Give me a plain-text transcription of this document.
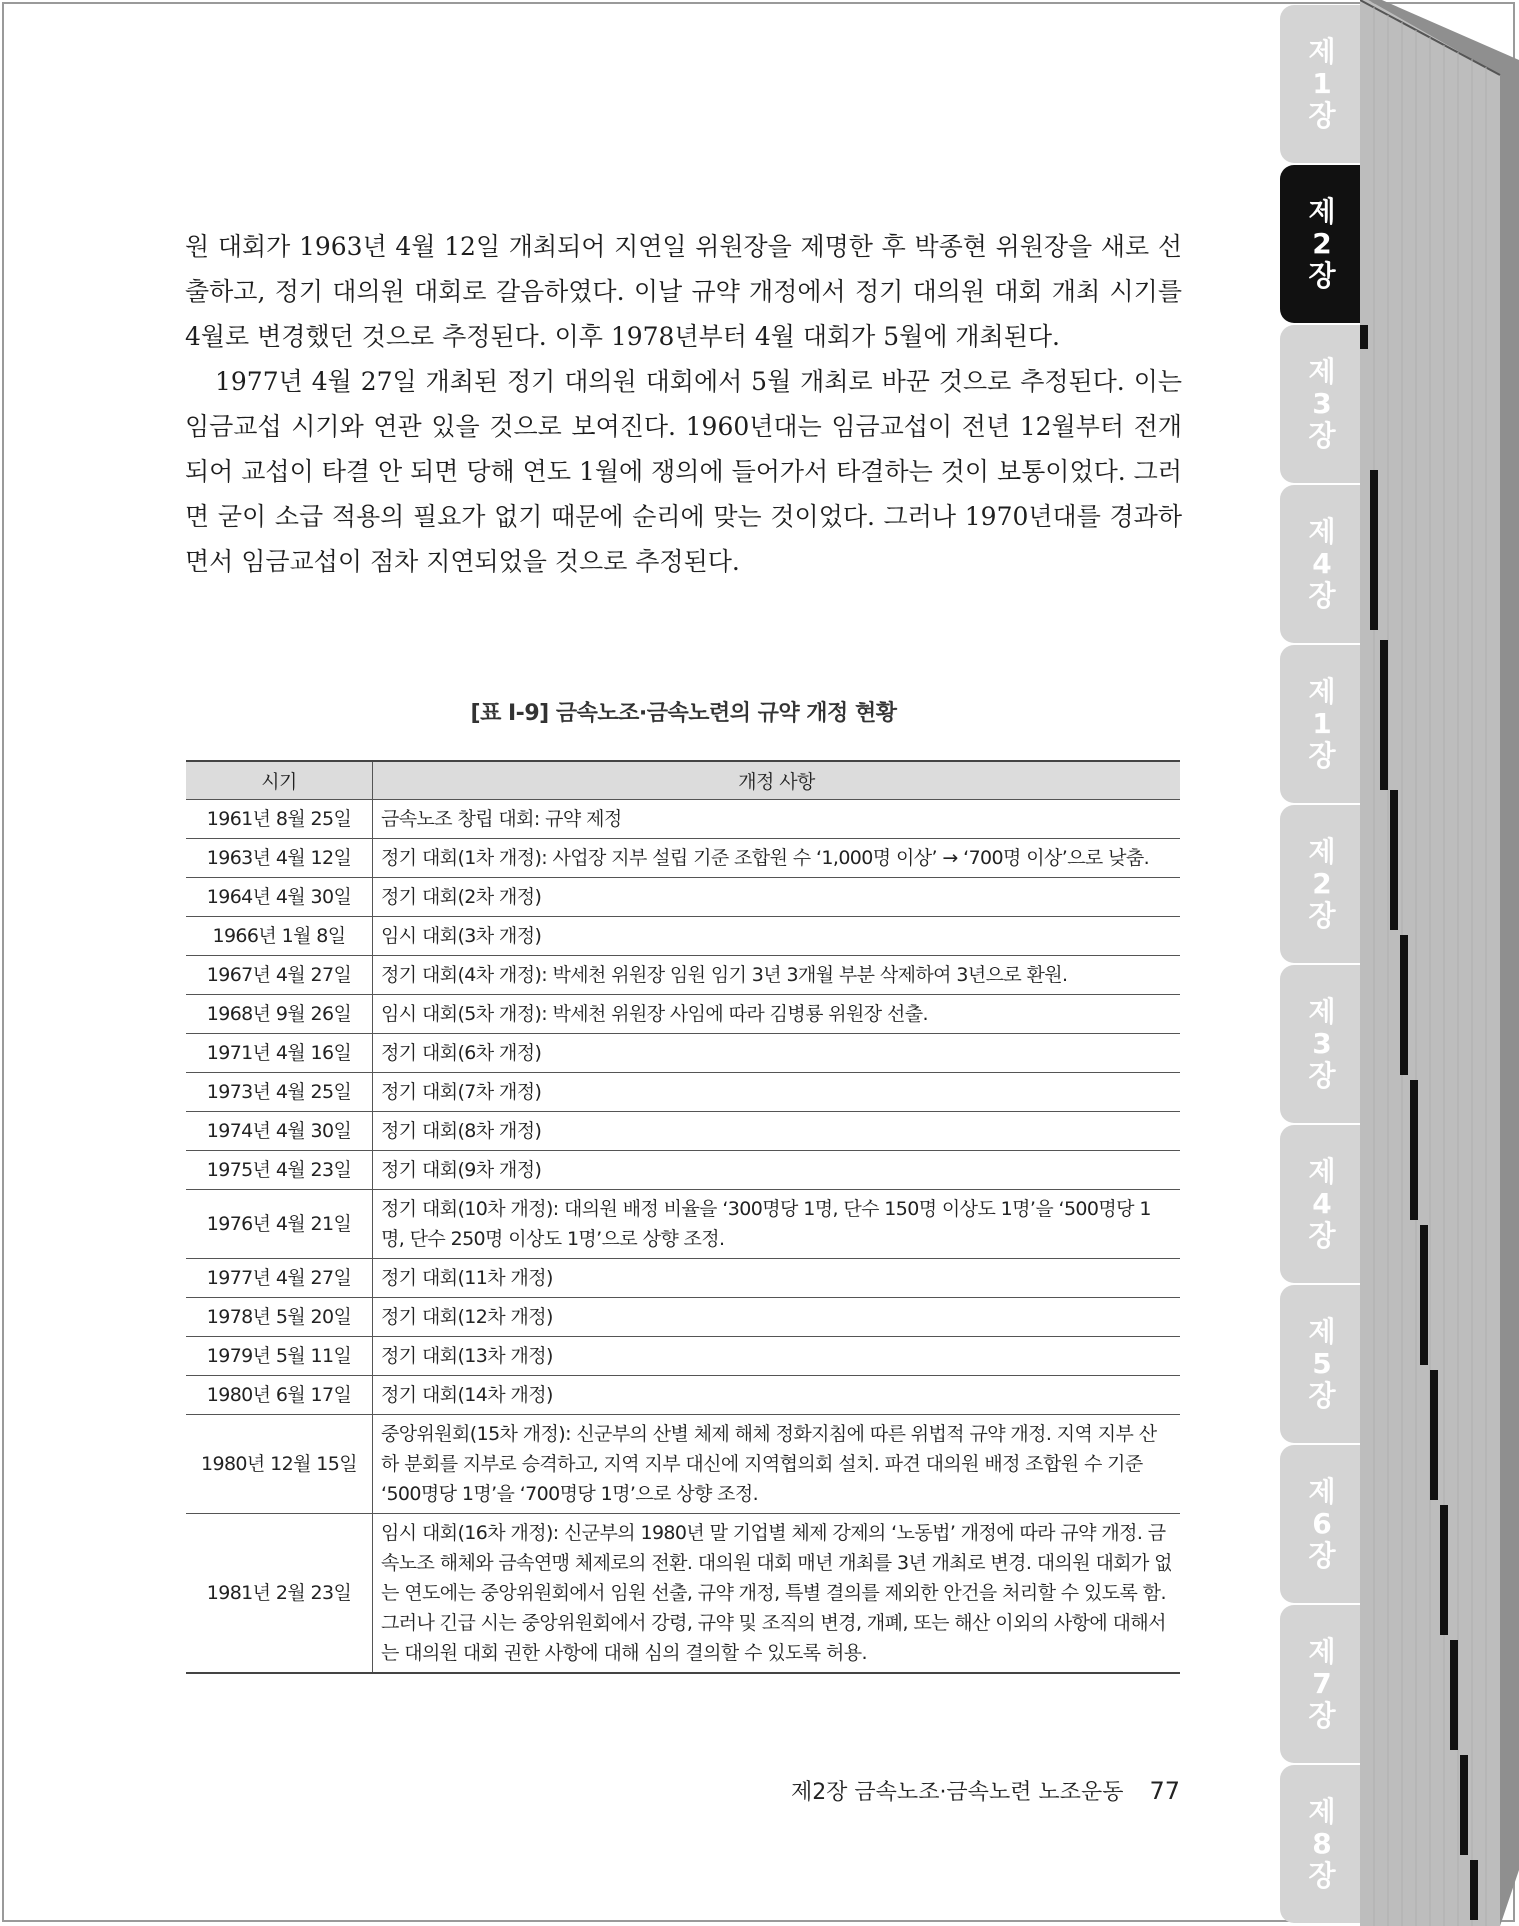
원 대회가 1963년 4월 12일 개최되어 지연일 위원장을 제명한 후 박종현 위원장을 새로 선출하고, 정기 대의원 대회로 갈음하였다. 이날 규약 개정에서 정기 대의원 대회 개최 시기를 4월로 변경했던 것으로 추정된다. 이후 1978년부터 4월 대회가 5월에 개최된다.

1977년 4월 27일 개최된 정기 대의원 대회에서 5월 개최로 바꾼 것으로 추정된다. 이는 임금교섭 시기와 연관 있을 것으로 보여진다. 1960년대는 임금교섭이 전년 12월부터 전개되어 교섭이 타결 안 되면 당해 연도 1월에 쟁의에 들어가서 타결하는 것이 보통이었다. 그러면 굳이 소급 적용의 필요가 없기 때문에 순리에 맞는 것이었다. 그러나 1970년대를 경과하면서 임금교섭이 점차 지연되었을 것으로 추정된다.

[표 Ⅰ-9] 금속노조·금속노련의 규약 개정 현황
시기	개정 사항
1961년 8월 25일	금속노조 창립 대회: 규약 제정
1963년 4월 12일	정기 대회(1차 개정): 사업장 지부 설립 기준 조합원 수 ‘1,000명 이상’ → ‘700명 이상’으로 낮춤.
1964년 4월 30일	정기 대회(2차 개정)
1966년 1월 8일	임시 대회(3차 개정)
1967년 4월 27일	정기 대회(4차 개정): 박세천 위원장 임원 임기 3년 3개월 부분 삭제하여 3년으로 환원.
1968년 9월 26일	임시 대회(5차 개정): 박세천 위원장 사임에 따라 김병룡 위원장 선출.
1971년 4월 16일	정기 대회(6차 개정)
1973년 4월 25일	정기 대회(7차 개정)
1974년 4월 30일	정기 대회(8차 개정)
1975년 4월 23일	정기 대회(9차 개정)
1976년 4월 21일	정기 대회(10차 개정): 대의원 배정 비율을 ‘300명당 1명, 단수 150명 이상도 1명’을 ‘500명당 1명, 단수 250명 이상도 1명’으로 상향 조정.
1977년 4월 27일	정기 대회(11차 개정)
1978년 5월 20일	정기 대회(12차 개정)
1979년 5월 11일	정기 대회(13차 개정)
1980년 6월 17일	정기 대회(14차 개정)
1980년 12월 15일	중앙위원회(15차 개정): 신군부의 산별 체제 해체 정화지침에 따른 위법적 규약 개정. 지역 지부 산하 분회를 지부로 승격하고, 지역 지부 대신에 지역협의회 설치. 파견 대의원 배정 조합원 수 기준 ‘500명당 1명’을 ‘700명당 1명’으로 상향 조정.
1981년 2월 23일	임시 대회(16차 개정): 신군부의 1980년 말 기업별 체제 강제의 ‘노동법’ 개정에 따라 규약 개정. 금속노조 해체와 금속연맹 체제로의 전환. 대의원 대회 매년 개최를 3년 개최로 변경. 대의원 대회가 없는 연도에는 중앙위원회에서 임원 선출, 규약 개정, 특별 결의를 제외한 안건을 처리할 수 있도록 함. 그러나 긴급 시는 중앙위원회에서 강령, 규약 및 조직의 변경, 개폐, 또는 해산 이외의 사항에 대해서는 대의원 대회 권한 사항에 대해 심의 결의할 수 있도록 허용.
제2장 금속노조·금속노련 노조운동 77
제1장
제2장
제3장
제4장
제1장
제2장
제3장
제4장
제5장
제6장
제7장
제8장
